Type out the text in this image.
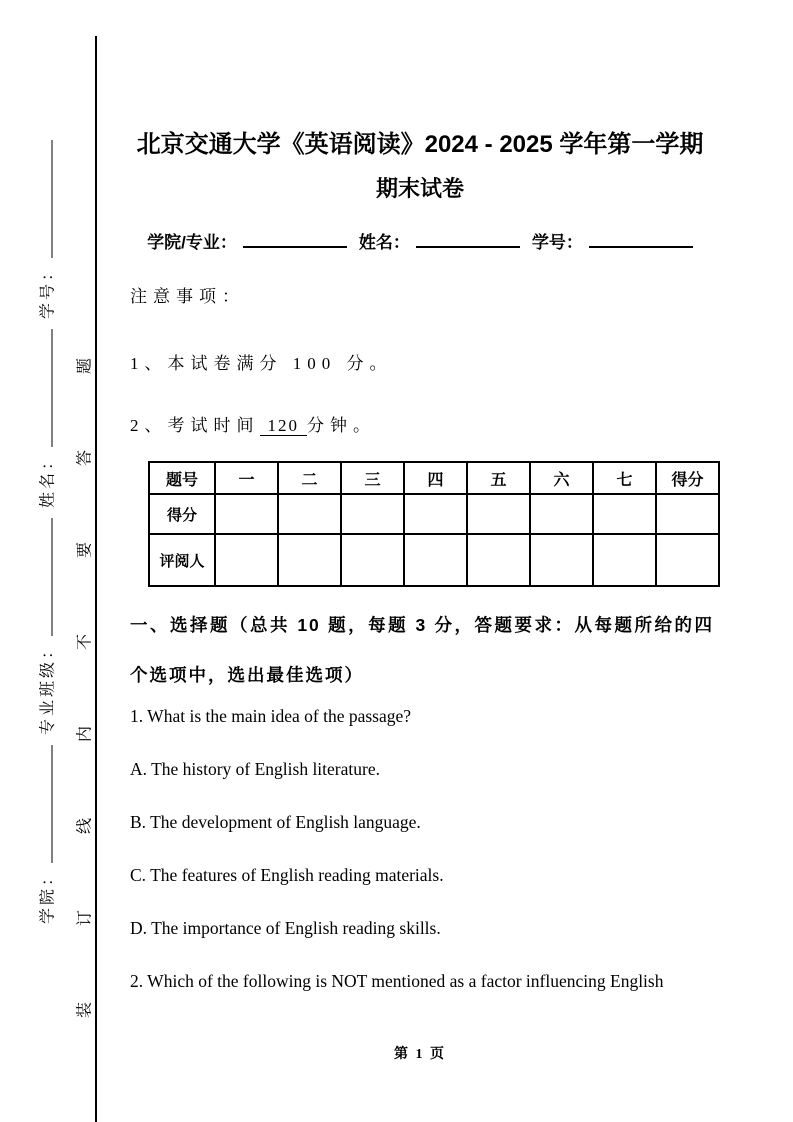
学院：专业班级：姓名：学号：	装订线内不要答题
北京交通大学《英语阅读》2024 - 2025 学年第一学期
期末试卷
学院/专业：	姓名：	学号：
注意事项：
1、本试卷满分 100 分。
2、考试时间 120 分钟。
题号	一	二	三	四	五	六	七	得分
得分								
评阅人								
一、选择题（总共 10 题，每题 3 分，答题要求：从每题所给的四个选项中，选出最佳选项）

1. What is the main idea of the passage?

A. The history of English literature.

B. The development of English language.

C. The features of English reading materials.

D. The importance of English reading skills.

2. Which of the following is NOT mentioned as a factor influencing English

第 1 页
